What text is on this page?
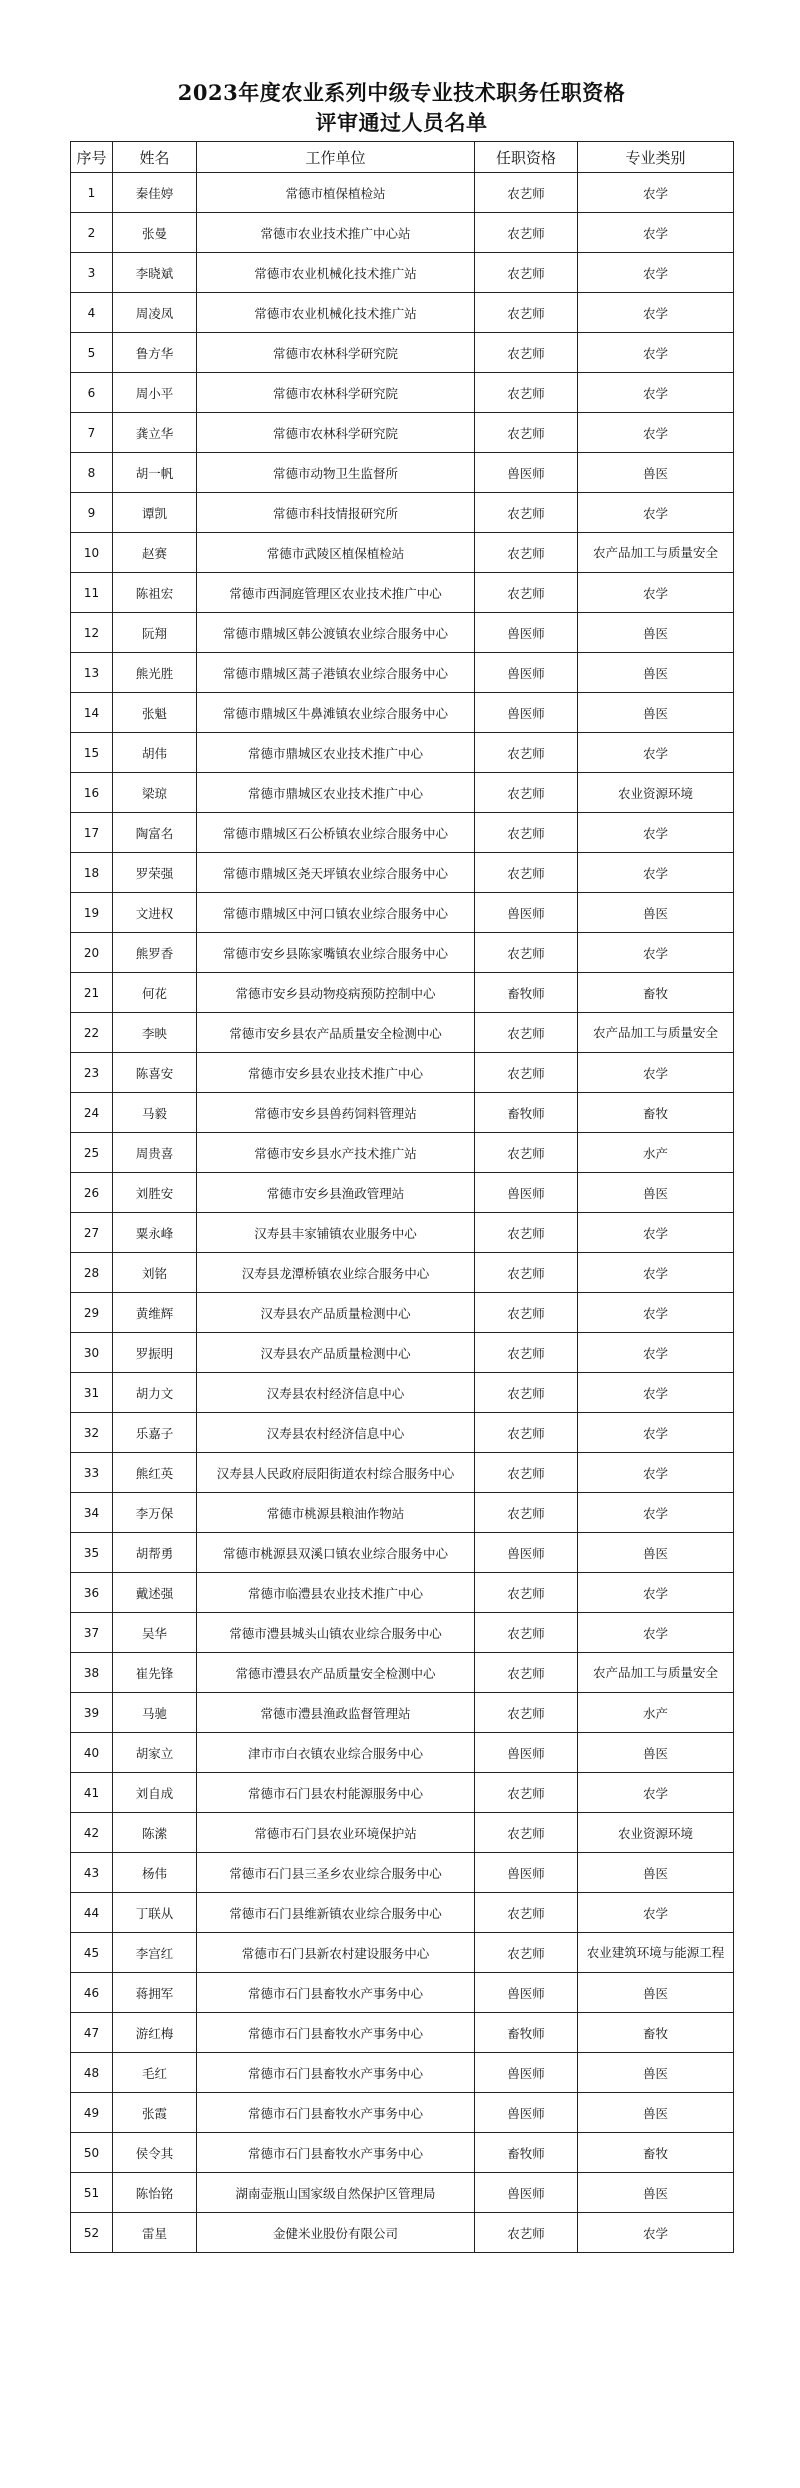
2023年度农业系列中级专业技术职务任职资格
评审通过人员名单
序号	姓名	工作单位	任职资格	专业类别
1	秦佳婷	常德市植保植检站	农艺师	农学
2	张曼	常德市农业技术推广中心站	农艺师	农学
3	李晓斌	常德市农业机械化技术推广站	农艺师	农学
4	周凌凤	常德市农业机械化技术推广站	农艺师	农学
5	鲁方华	常德市农林科学研究院	农艺师	农学
6	周小平	常德市农林科学研究院	农艺师	农学
7	龚立华	常德市农林科学研究院	农艺师	农学
8	胡一帆	常德市动物卫生监督所	兽医师	兽医
9	谭凯	常德市科技情报研究所	农艺师	农学
10	赵赛	常德市武陵区植保植检站	农艺师	农产品加工与质量安全
11	陈祖宏	常德市西洞庭管理区农业技术推广中心	农艺师	农学
12	阮翔	常德市鼎城区韩公渡镇农业综合服务中心	兽医师	兽医
13	熊光胜	常德市鼎城区蒿子港镇农业综合服务中心	兽医师	兽医
14	张魁	常德市鼎城区牛鼻滩镇农业综合服务中心	兽医师	兽医
15	胡伟	常德市鼎城区农业技术推广中心	农艺师	农学
16	梁琼	常德市鼎城区农业技术推广中心	农艺师	农业资源环境
17	陶富名	常德市鼎城区石公桥镇农业综合服务中心	农艺师	农学
18	罗荣强	常德市鼎城区尧天坪镇农业综合服务中心	农艺师	农学
19	文进权	常德市鼎城区中河口镇农业综合服务中心	兽医师	兽医
20	熊罗香	常德市安乡县陈家嘴镇农业综合服务中心	农艺师	农学
21	何花	常德市安乡县动物疫病预防控制中心	畜牧师	畜牧
22	李映	常德市安乡县农产品质量安全检测中心	农艺师	农产品加工与质量安全
23	陈喜安	常德市安乡县农业技术推广中心	农艺师	农学
24	马毅	常德市安乡县兽药饲料管理站	畜牧师	畜牧
25	周贵喜	常德市安乡县水产技术推广站	农艺师	水产
26	刘胜安	常德市安乡县渔政管理站	兽医师	兽医
27	粟永峰	汉寿县丰家铺镇农业服务中心	农艺师	农学
28	刘铭	汉寿县龙潭桥镇农业综合服务中心	农艺师	农学
29	黄维辉	汉寿县农产品质量检测中心	农艺师	农学
30	罗振明	汉寿县农产品质量检测中心	农艺师	农学
31	胡力文	汉寿县农村经济信息中心	农艺师	农学
32	乐嘉子	汉寿县农村经济信息中心	农艺师	农学
33	熊红英	汉寿县人民政府辰阳街道农村综合服务中心	农艺师	农学
34	李万保	常德市桃源县粮油作物站	农艺师	农学
35	胡帮勇	常德市桃源县双溪口镇农业综合服务中心	兽医师	兽医
36	戴述强	常德市临澧县农业技术推广中心	农艺师	农学
37	吴华	常德市澧县城头山镇农业综合服务中心	农艺师	农学
38	崔先锋	常德市澧县农产品质量安全检测中心	农艺师	农产品加工与质量安全
39	马驰	常德市澧县渔政监督管理站	农艺师	水产
40	胡家立	津市市白衣镇农业综合服务中心	兽医师	兽医
41	刘自成	常德市石门县农村能源服务中心	农艺师	农学
42	陈潆	常德市石门县农业环境保护站	农艺师	农业资源环境
43	杨伟	常德市石门县三圣乡农业综合服务中心	兽医师	兽医
44	丁联从	常德市石门县维新镇农业综合服务中心	农艺师	农学
45	李宫红	常德市石门县新农村建设服务中心	农艺师	农业建筑环境与能源工程
46	蒋拥军	常德市石门县畜牧水产事务中心	兽医师	兽医
47	游红梅	常德市石门县畜牧水产事务中心	畜牧师	畜牧
48	毛红	常德市石门县畜牧水产事务中心	兽医师	兽医
49	张霞	常德市石门县畜牧水产事务中心	兽医师	兽医
50	侯令其	常德市石门县畜牧水产事务中心	畜牧师	畜牧
51	陈怡铭	湖南壶瓶山国家级自然保护区管理局	兽医师	兽医
52	雷星	金健米业股份有限公司	农艺师	农学
